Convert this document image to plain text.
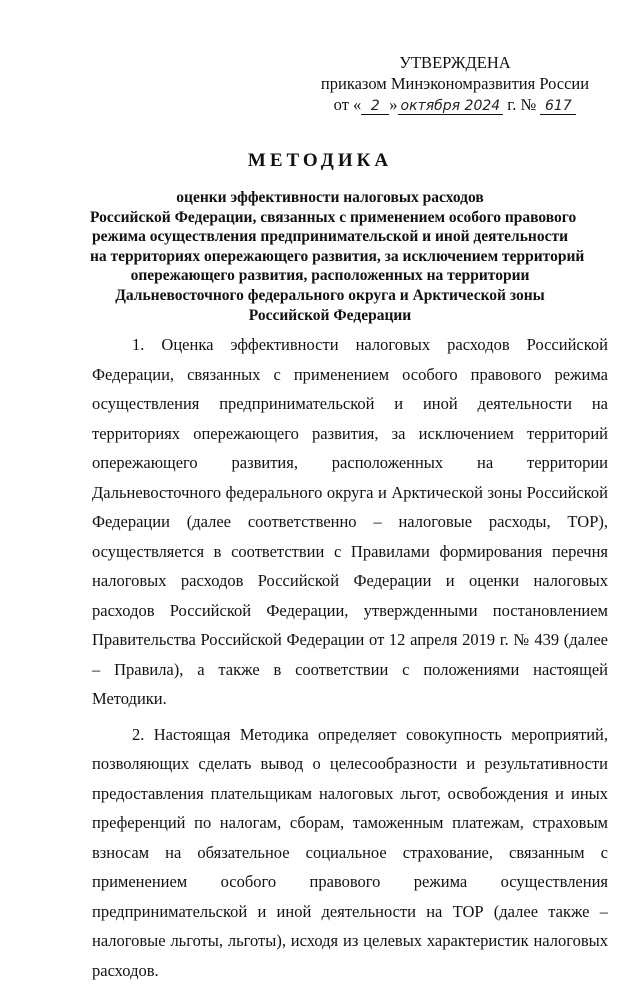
УТВЕРЖДЕНА
приказом Минэкономразвития России
от « 2 » октября 2024 г. № 617
МЕТОДИКА
оценки эффективности налоговых расходов
Российской Федерации, связанных с применением особого правового
режима осуществления предпринимательской и иной деятельности
на территориях опережающего развития, за исключением территорий
опережающего развития, расположенных на территории
Дальневосточного федерального округа и Арктической зоны
Российской Федерации

1. Оценка эффективности налоговых расходов Российской Федерации, связанных с применением особого правового режима осуществления предпринимательской и иной деятельности на территориях опережающего развития, за исключением территорий опережающего развития, расположенных на территории Дальневосточного федерального округа и Арктической зоны Российской Федерации (далее соответственно – налоговые расходы, ТОР), осуществляется в соответствии с Правилами формирования перечня налоговых расходов Российской Федерации и оценки налоговых расходов Российской Федерации, утвержденными постановлением Правительства Российской Федерации от 12 апреля 2019 г. № 439 (далее – Правила), а также в соответствии с положениями настоящей Методики.

2. Настоящая Методика определяет совокупность мероприятий, позволяющих сделать вывод о целесообразности и результативности предоставления плательщикам налоговых льгот, освобождения и иных преференций по налогам, сборам, таможенным платежам, страховым взносам на обязательное социальное страхование, связанным с применением особого правового режима осуществления предпринимательской и иной деятельности на ТОР (далее также – налоговые льготы, льготы), исходя из целевых характеристик налоговых расходов.
